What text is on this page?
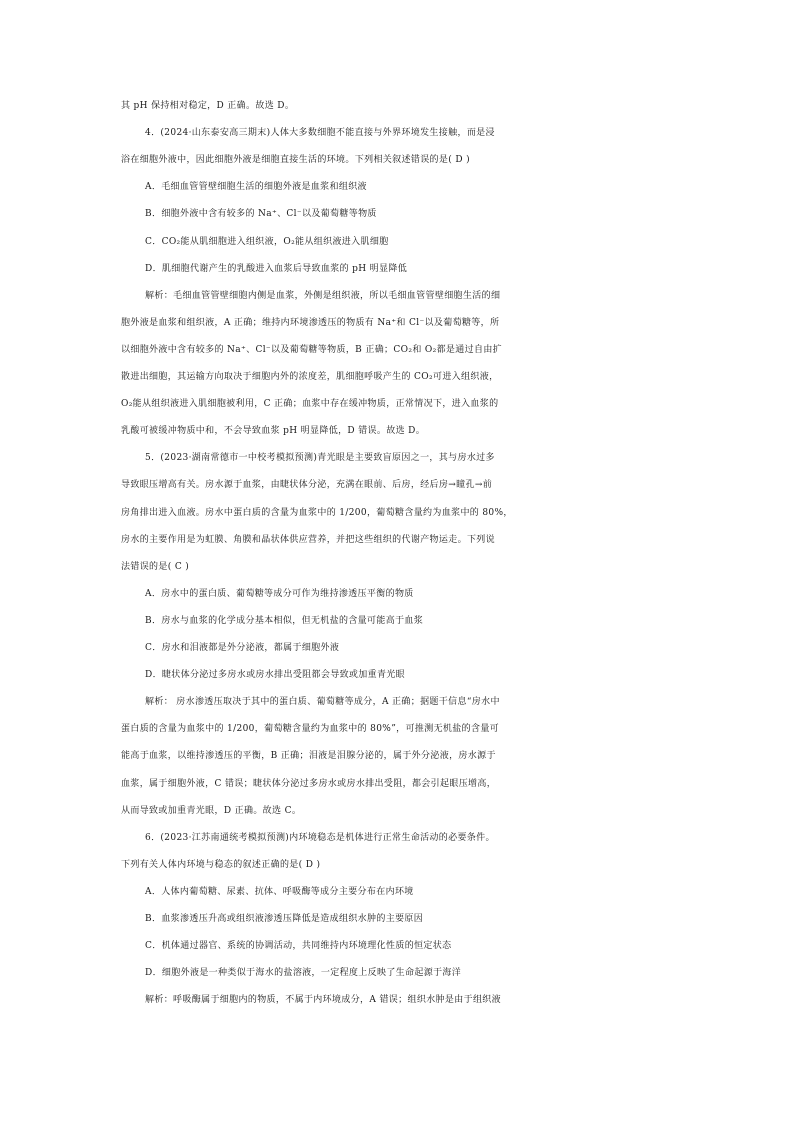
其 pH 保持相对稳定，D 正确。故选 D。
4．(2024·山东泰安高三期末)人体大多数细胞不能直接与外界环境发生接触，而是浸
浴在细胞外液中，因此细胞外液是细胞直接生活的环境。下列相关叙述错误的是( D )
A．毛细血管管壁细胞生活的细胞外液是血浆和组织液
B．细胞外液中含有较多的 Na⁺、Cl⁻以及葡萄糖等物质
C．CO₂能从肌细胞进入组织液，O₂能从组织液进入肌细胞
D．肌细胞代谢产生的乳酸进入血浆后导致血浆的 pH 明显降低
解析：毛细血管管壁细胞内侧是血浆，外侧是组织液，所以毛细血管管壁细胞生活的细
胞外液是血浆和组织液，A 正确；维持内环境渗透压的物质有 Na⁺和 Cl⁻以及葡萄糖等，所
以细胞外液中含有较多的 Na⁺、Cl⁻以及葡萄糖等物质，B 正确；CO₂和 O₂都是通过自由扩
散进出细胞，其运输方向取决于细胞内外的浓度差，肌细胞呼吸产生的 CO₂可进入组织液，
O₂能从组织液进入肌细胞被利用，C 正确；血浆中存在缓冲物质，正常情况下，进入血浆的
乳酸可被缓冲物质中和，不会导致血浆 pH 明显降低，D 错误。故选 D。
5．(2023·湖南常德市一中校考模拟预测)青光眼是主要致盲原因之一，其与房水过多
导致眼压增高有关。房水源于血浆，由睫状体分泌，充满在眼前、后房，经后房→瞳孔→前
房角排出进入血液。房水中蛋白质的含量为血浆中的 1/200，葡萄糖含量约为血浆中的 80%，
房水的主要作用是为虹膜、角膜和晶状体供应营养，并把这些组织的代谢产物运走。下列说
法错误的是( C )
A．房水中的蛋白质、葡萄糖等成分可作为维持渗透压平衡的物质
B．房水与血浆的化学成分基本相似，但无机盐的含量可能高于血浆
C．房水和泪液都是外分泌液，都属于细胞外液
D．睫状体分泌过多房水或房水排出受阻都会导致或加重青光眼
解析： 房水渗透压取决于其中的蛋白质、葡萄糖等成分，A 正确；据题干信息“房水中
蛋白质的含量为血浆中的 1/200，葡萄糖含量约为血浆中的 80%”，可推测无机盐的含量可
能高于血浆，以维持渗透压的平衡，B 正确；泪液是泪腺分泌的，属于外分泌液，房水源于
血浆，属于细胞外液，C 错误；睫状体分泌过多房水或房水排出受阻，都会引起眼压增高，
从而导致或加重青光眼，D 正确。故选 C。
6．(2023·江苏南通统考模拟预测)内环境稳态是机体进行正常生命活动的必要条件。
下列有关人体内环境与稳态的叙述正确的是( D )
A．人体内葡萄糖、尿素、抗体、呼吸酶等成分主要分布在内环境
B．血浆渗透压升高或组织液渗透压降低是造成组织水肿的主要原因
C．机体通过器官、系统的协调活动，共同维持内环境理化性质的恒定状态
D．细胞外液是一种类似于海水的盐溶液，一定程度上反映了生命起源于海洋
解析：呼吸酶属于细胞内的物质，不属于内环境成分，A 错误；组织水肿是由于组织液
